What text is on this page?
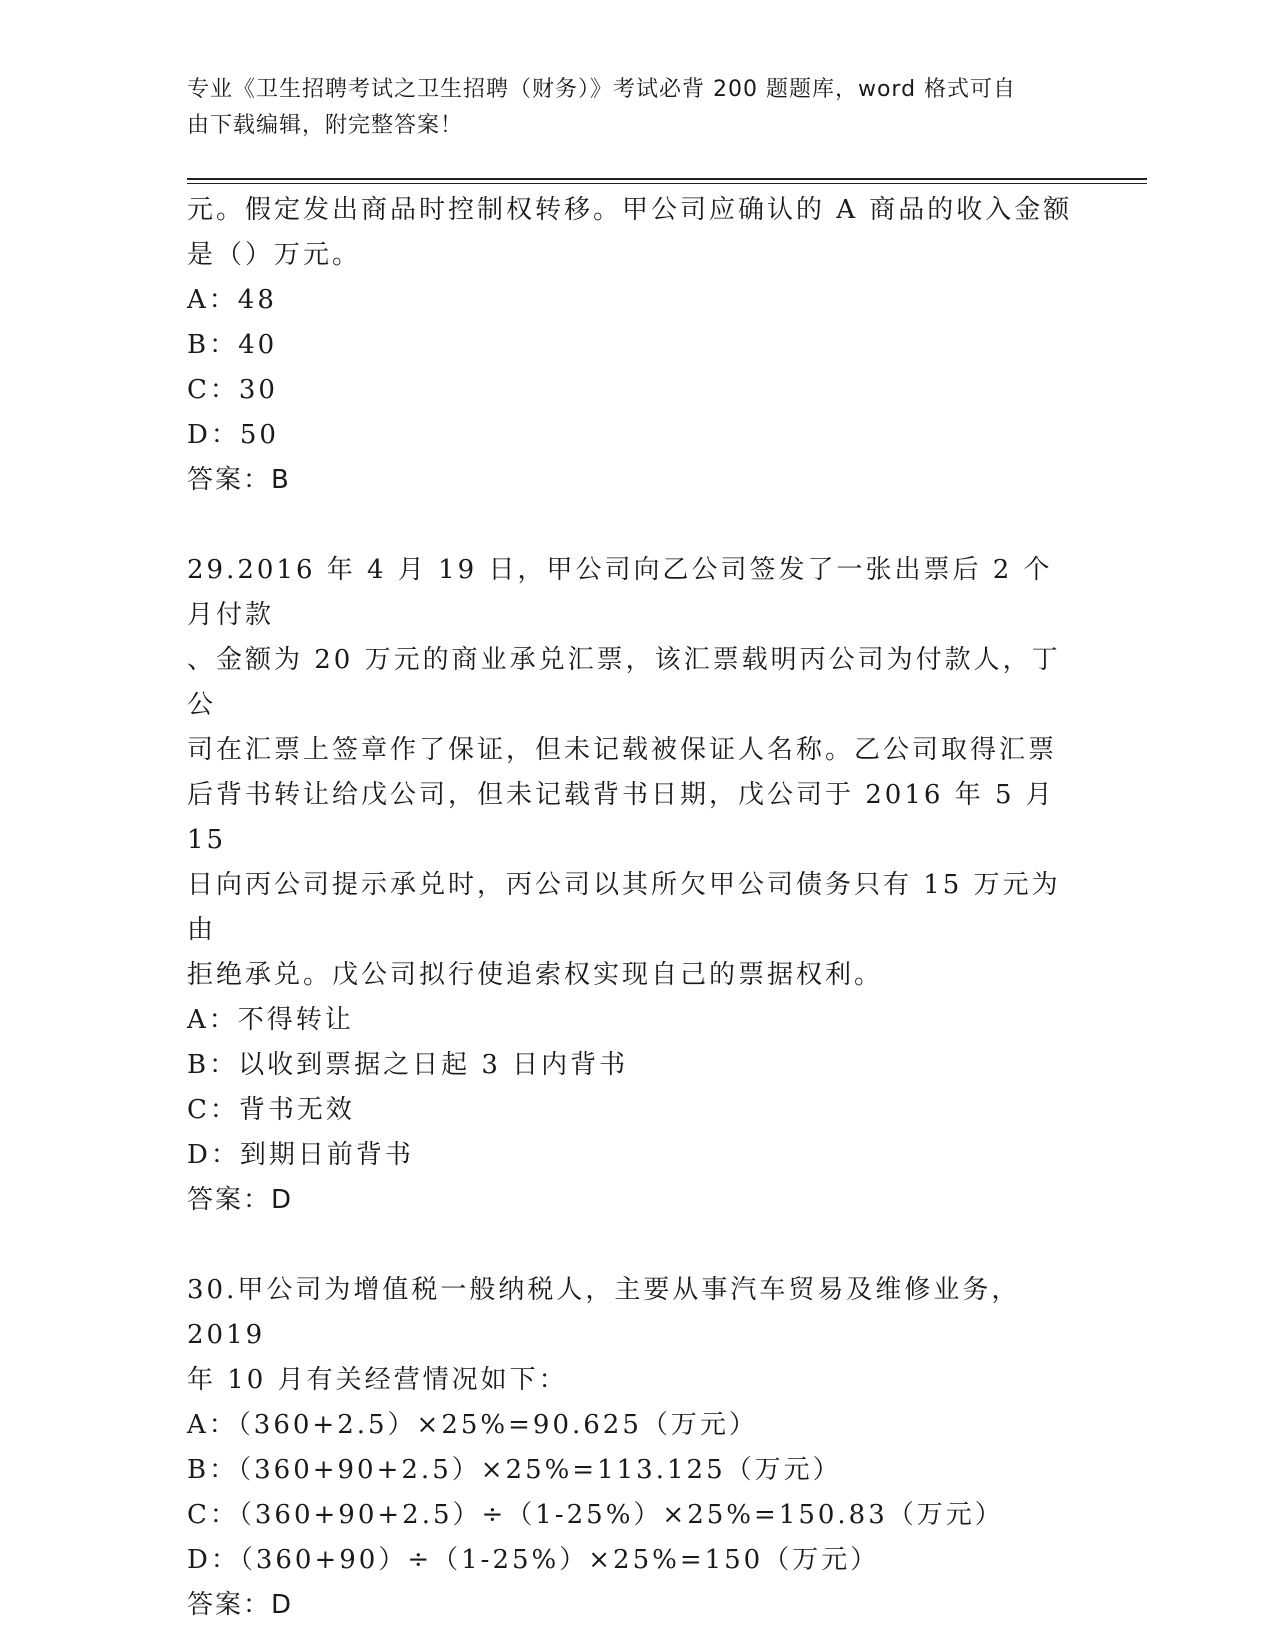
专业《卫生招聘考试之卫生招聘（财务）》考试必背 200 题题库，word 格式可自
由下载编辑，附完整答案！

元。假定发出商品时控制权转移。甲公司应确认的 A 商品的收入金额

是（）万元。

A：48

B：40

C：30

D：50

答案：B

29.2016 年 4 月 19 日，甲公司向乙公司签发了一张出票后 2 个月付款

、金额为 20 万元的商业承兑汇票，该汇票载明丙公司为付款人，丁公

司在汇票上签章作了保证，但未记载被保证人名称。乙公司取得汇票

后背书转让给戊公司，但未记载背书日期，戊公司于 2016 年 5 月 15

日向丙公司提示承兑时，丙公司以其所欠甲公司债务只有 15 万元为由

拒绝承兑。戊公司拟行使追索权实现自己的票据权利。

A：不得转让

B：以收到票据之日起 3 日内背书

C：背书无效

D：到期日前背书

答案：D

30.甲公司为增值税一般纳税人，主要从事汽车贸易及维修业务，2019

年 10 月有关经营情况如下：

A：（360+2.5）×25%=90.625（万元）

B：（360+90+2.5）×25%=113.125（万元）

C：（360+90+2.5）÷（1-25%）×25%=150.83（万元）

D：（360+90）÷（1-25%）×25%=150（万元）

答案：D
